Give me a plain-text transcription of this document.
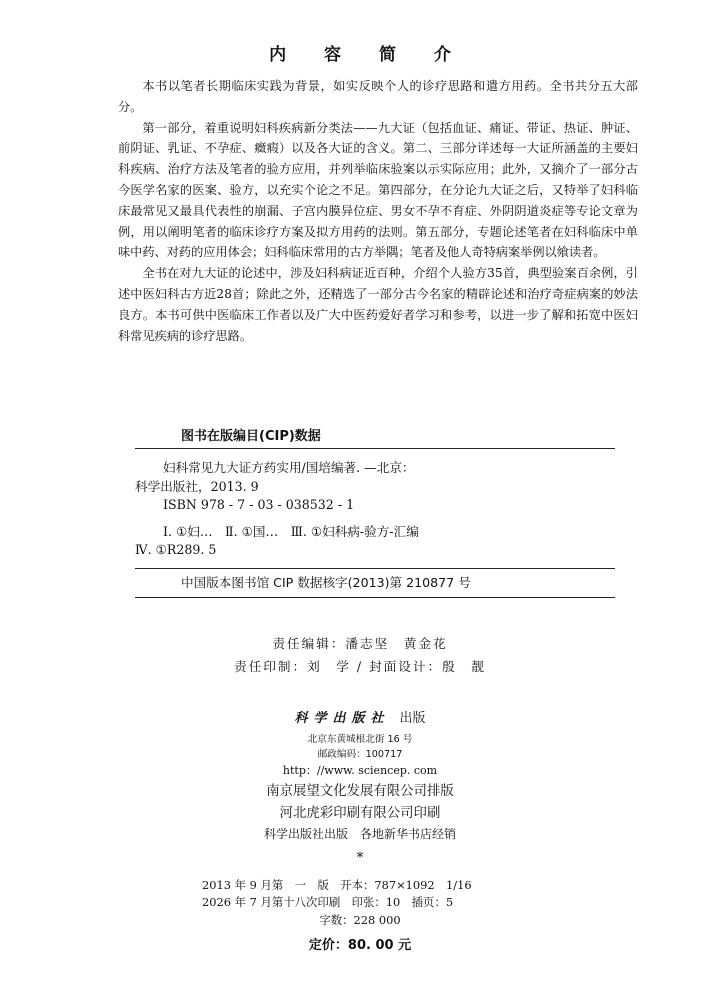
内 容 简 介

本书以笔者长期临床实践为背景，如实反映个人的诊疗思路和遣方用药。全书共分五大部分。

第一部分，着重说明妇科疾病新分类法——九大证（包括血证、痛证、带证、热证、肿证、前阴证、乳证、不孕症、癥瘕）以及各大证的含义。第二、三部分详述每一大证所涵盖的主要妇科疾病、治疗方法及笔者的验方应用，并列举临床验案以示实际应用；此外，又摘介了一部分古今医学名家的医案、验方，以充实个论之不足。第四部分，在分论九大证之后，又特举了妇科临床最常见又最具代表性的崩漏、子宫内膜异位症、男女不孕不育症、外阴阴道炎症等专论文章为例，用以阐明笔者的临床诊疗方案及拟方用药的法则。第五部分，专题论述笔者在妇科临床中单味中药、对药的应用体会；妇科临床常用的古方举隅；笔者及他人奇特病案举例以飨读者。

全书在对九大证的论述中，涉及妇科病证近百种，介绍个人验方35首，典型验案百余例，引述中医妇科古方近28首；除此之外，还精选了一部分古今名家的精辟论述和治疗奇症病案的妙法良方。本书可供中医临床工作者以及广大中医药爱好者学习和参考，以进一步了解和拓宽中医妇科常见疾病的诊疗思路。

图书在版编目(CIP)数据
妇科常见九大证方药实用/国培编著. —北京：
科学出版社，2013. 9
ISBN 978 - 7 - 03 - 038532 - 1
Ⅰ. ①妇…　Ⅱ. ①国…　Ⅲ. ①妇科病-验方-汇编
Ⅳ. ①R289. 5
中国版本图书馆 CIP 数据核字(2013)第 210877 号
责任编辑：潘志坚　黄金花
责任印制：刘　学 / 封面设计：殷　靓
科学出版社 出版
北京东黄城根北街 16 号
邮政编码：100717
http：//www. sciencep. com
南京展望文化发展有限公司排版
河北虎彩印刷有限公司印刷
科学出版社出版　各地新华书店经销
*
2013 年 9 月第　一　版　开本：787×1092　1/16
2026 年 7 月第十八次印刷　印张：10　插页：5
字数：228 000
定价：80. 00 元
